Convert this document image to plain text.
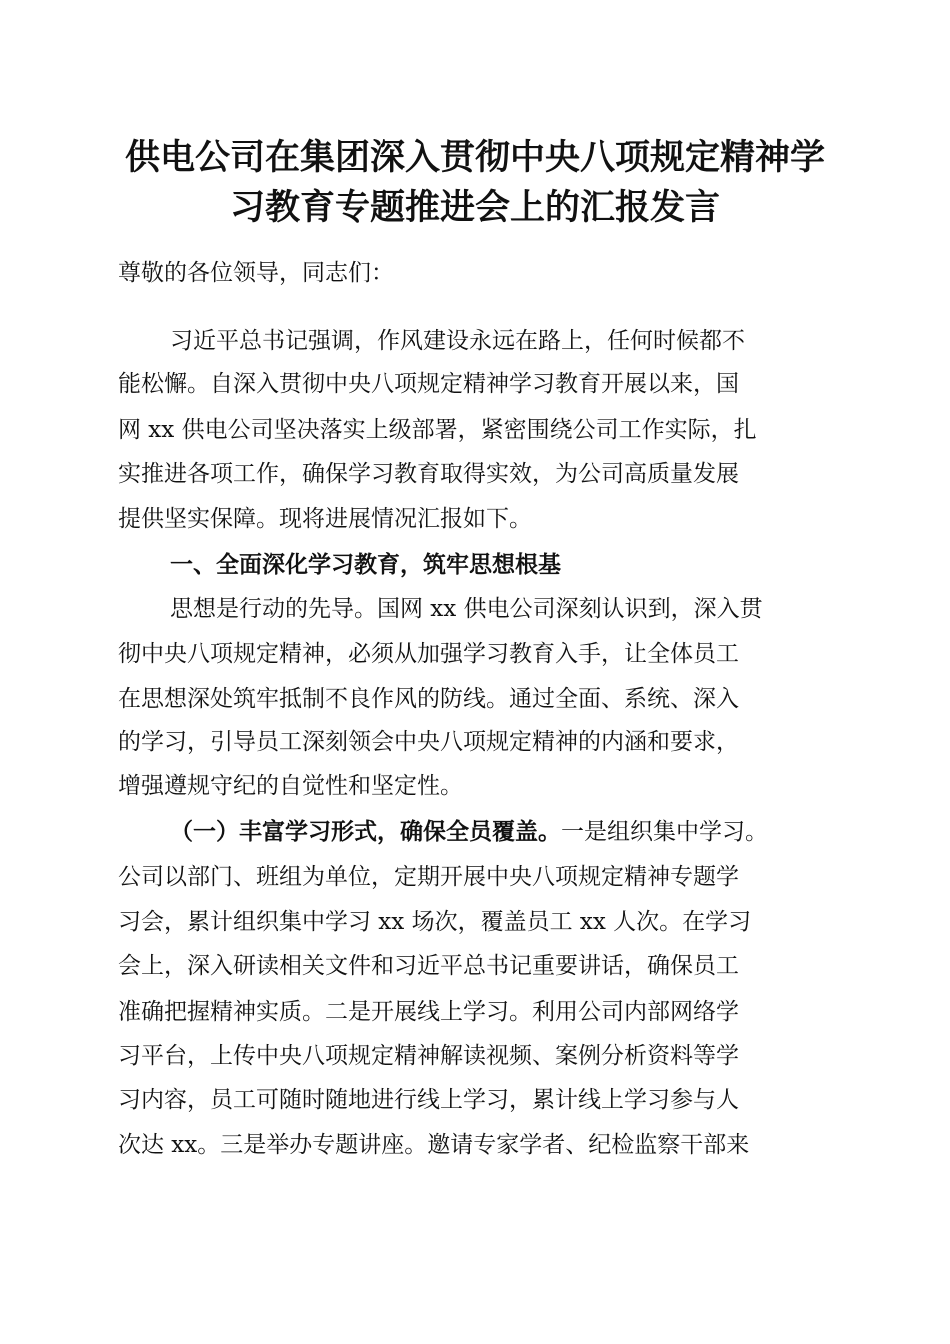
供电公司在集团深入贯彻中央八项规定精神学
习教育专题推进会上的汇报发言
尊敬的各位领导，同志们：
习近平总书记强调，作风建设永远在路上，任何时候都不
能松懈。自深入贯彻中央八项规定精神学习教育开展以来，国
网 xx 供电公司坚决落实上级部署，紧密围绕公司工作实际，扎
实推进各项工作，确保学习教育取得实效，为公司高质量发展
提供坚实保障。现将进展情况汇报如下。
一、全面深化学习教育，筑牢思想根基
思想是行动的先导。国网 xx 供电公司深刻认识到，深入贯
彻中央八项规定精神，必须从加强学习教育入手，让全体员工
在思想深处筑牢抵制不良作风的防线。通过全面、系统、深入
的学习，引导员工深刻领会中央八项规定精神的内涵和要求，
增强遵规守纪的自觉性和坚定性。
（一）丰富学习形式，确保全员覆盖。一是组织集中学习。
公司以部门、班组为单位，定期开展中央八项规定精神专题学
习会，累计组织集中学习 xx 场次，覆盖员工 xx 人次。在学习
会上，深入研读相关文件和习近平总书记重要讲话，确保员工
准确把握精神实质。二是开展线上学习。利用公司内部网络学
习平台，上传中央八项规定精神解读视频、案例分析资料等学
习内容，员工可随时随地进行线上学习，累计线上学习参与人
次达 xx。三是举办专题讲座。邀请专家学者、纪检监察干部来
